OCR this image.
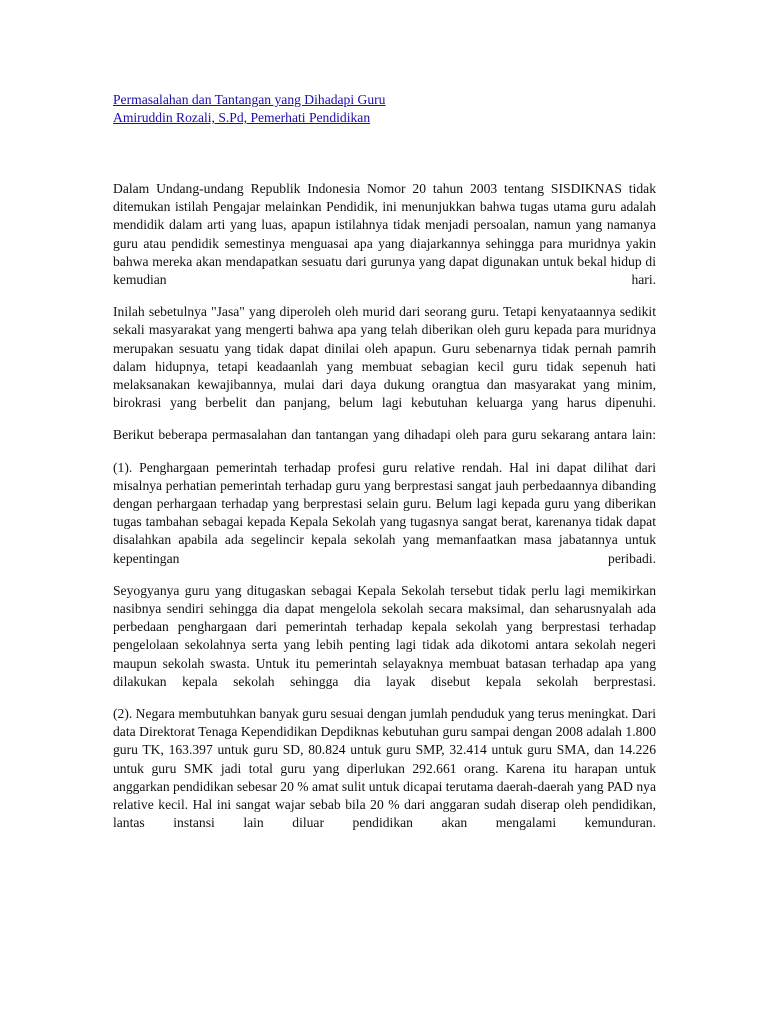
Permasalahan dan Tantangan yang Dihadapi Guru
Amiruddin Rozali, S.Pd, Pemerhati Pendidikan

Dalam Undang-undang Republik Indonesia Nomor 20 tahun 2003 tentang SISDIKNAS tidak ditemukan istilah Pengajar melainkan Pendidik, ini menunjukkan bahwa tugas utama guru adalah mendidik dalam arti yang luas, apapun istilahnya tidak menjadi persoalan, namun yang namanya guru atau pendidik semestinya menguasai apa yang diajarkannya sehingga para muridnya yakin bahwa mereka akan mendapatkan sesuatu dari gurunya yang dapat digunakan untuk bekal hidup di kemudian hari.

Inilah sebetulnya "Jasa" yang diperoleh oleh murid dari seorang guru. Tetapi kenyataannya sedikit sekali masyarakat yang mengerti bahwa apa yang telah diberikan oleh guru kepada para muridnya merupakan sesuatu yang tidak dapat dinilai oleh apapun. Guru sebenarnya tidak pernah pamrih dalam hidupnya, tetapi keadaanlah yang membuat sebagian kecil guru tidak sepenuh hati melaksanakan kewajibannya, mulai dari daya dukung orangtua dan masyarakat yang minim, birokrasi yang berbelit dan panjang, belum lagi kebutuhan keluarga yang harus dipenuhi.

Berikut beberapa permasalahan dan tantangan yang dihadapi oleh para guru sekarang antara lain:

(1). Penghargaan pemerintah terhadap profesi guru relative rendah. Hal ini dapat dilihat dari misalnya perhatian pemerintah terhadap guru yang berprestasi sangat jauh perbedaannya dibanding dengan perhargaan terhadap yang berprestasi selain guru. Belum lagi kepada guru yang diberikan tugas tambahan sebagai kepada Kepala Sekolah yang tugasnya sangat berat, karenanya tidak dapat disalahkan apabila ada segelincir kepala sekolah yang memanfaatkan masa jabatannya untuk kepentingan peribadi.

Seyogyanya guru yang ditugaskan sebagai Kepala Sekolah tersebut tidak perlu lagi memikirkan nasibnya sendiri sehingga dia dapat mengelola sekolah secara maksimal, dan seharusnyalah ada perbedaan penghargaan dari pemerintah terhadap kepala sekolah yang berprestasi terhadap pengelolaan sekolahnya serta yang lebih penting lagi tidak ada dikotomi antara sekolah negeri maupun sekolah swasta. Untuk itu pemerintah selayaknya membuat batasan terhadap apa yang dilakukan kepala sekolah sehingga dia layak disebut kepala sekolah berprestasi.

(2). Negara membutuhkan banyak guru sesuai dengan jumlah penduduk yang terus meningkat. Dari data Direktorat Tenaga Kependidikan Depdiknas kebutuhan guru sampai dengan 2008 adalah 1.800 guru TK, 163.397 untuk guru SD, 80.824 untuk guru SMP, 32.414 untuk guru SMA, dan 14.226 untuk guru SMK jadi total guru yang diperlukan 292.661 orang. Karena itu harapan untuk anggarkan pendidikan sebesar 20 % amat sulit untuk dicapai terutama daerah-daerah yang PAD nya relative kecil. Hal ini sangat wajar sebab bila 20 % dari anggaran sudah diserap oleh pendidikan, lantas instansi lain diluar pendidikan akan mengalami kemunduran.
